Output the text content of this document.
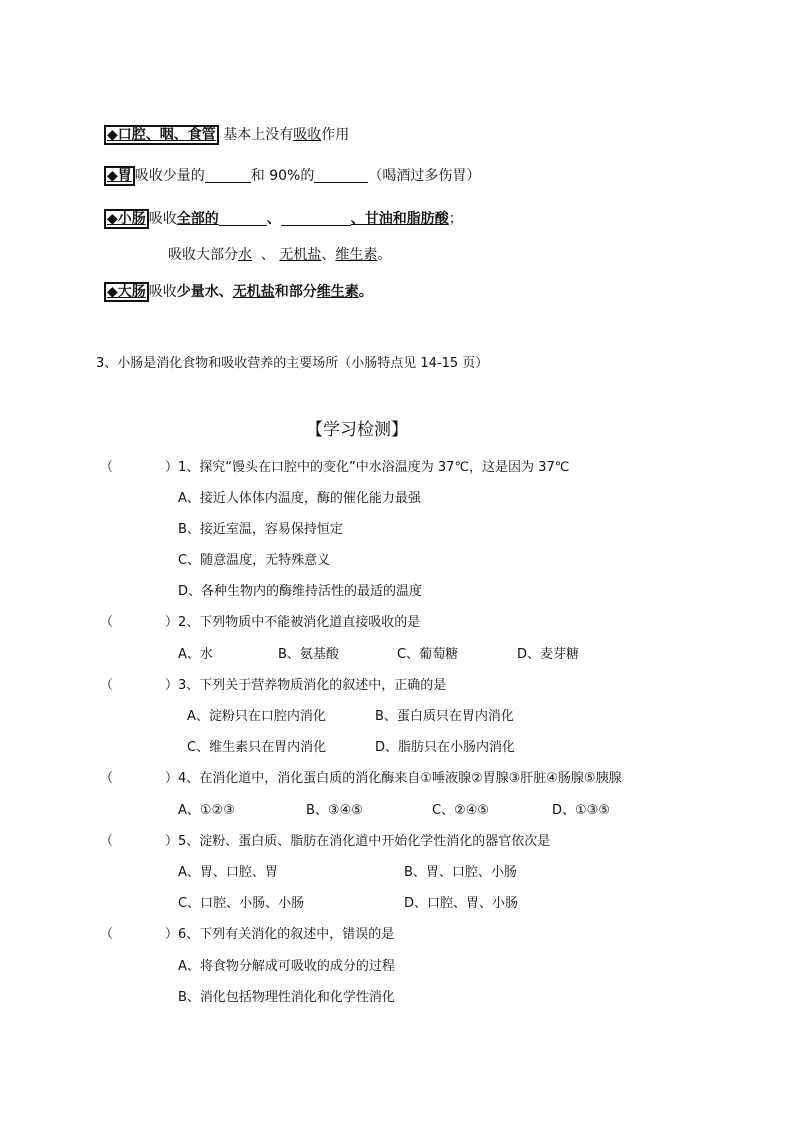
◆口腔、咽、食管 基本上没有吸收作用
◆胃 吸收少量的	和 90%的	（喝酒过多伤胃）
◆小肠 吸收全部的	、	、甘油和脂肪酸；
吸收大部分水 、 无机盐、维生素。
◆大肠 吸收少量水、无机盐和部分维生素。
3、小肠是消化食物和吸收营养的主要场所（小肠特点见 14-15 页）
【学习检测】
（	）1、探究“馒头在口腔中的变化”中水浴温度为 37℃，这是因为 37℃
A、接近人体体内温度，酶的催化能力最强
B、接近室温，容易保持恒定
C、随意温度，无特殊意义
D、各种生物内的酶维持活性的最适的温度
（	）2、下列物质中不能被消化道直接吸收的是
A、水	B、氨基酸	C、葡萄糖	D、麦芽糖
（	）3、下列关于营养物质消化的叙述中，正确的是
A、淀粉只在口腔内消化	B、蛋白质只在胃内消化
C、维生素只在胃内消化	D、脂肪只在小肠内消化
（	）4、在消化道中，消化蛋白质的消化酶来自①唾液腺②胃腺③肝脏④肠腺⑤胰腺
A、①②③	B、③④⑤	C、②④⑤	D、①③⑤
（	）5、淀粉、蛋白质、脂肪在消化道中开始化学性消化的器官依次是
A、胃、口腔、胃	B、胃、口腔、小肠
C、口腔、小肠、小肠	D、口腔、胃、小肠
（	）6、下列有关消化的叙述中，错误的是
A、将食物分解成可吸收的成分的过程
B、消化包括物理性消化和化学性消化
